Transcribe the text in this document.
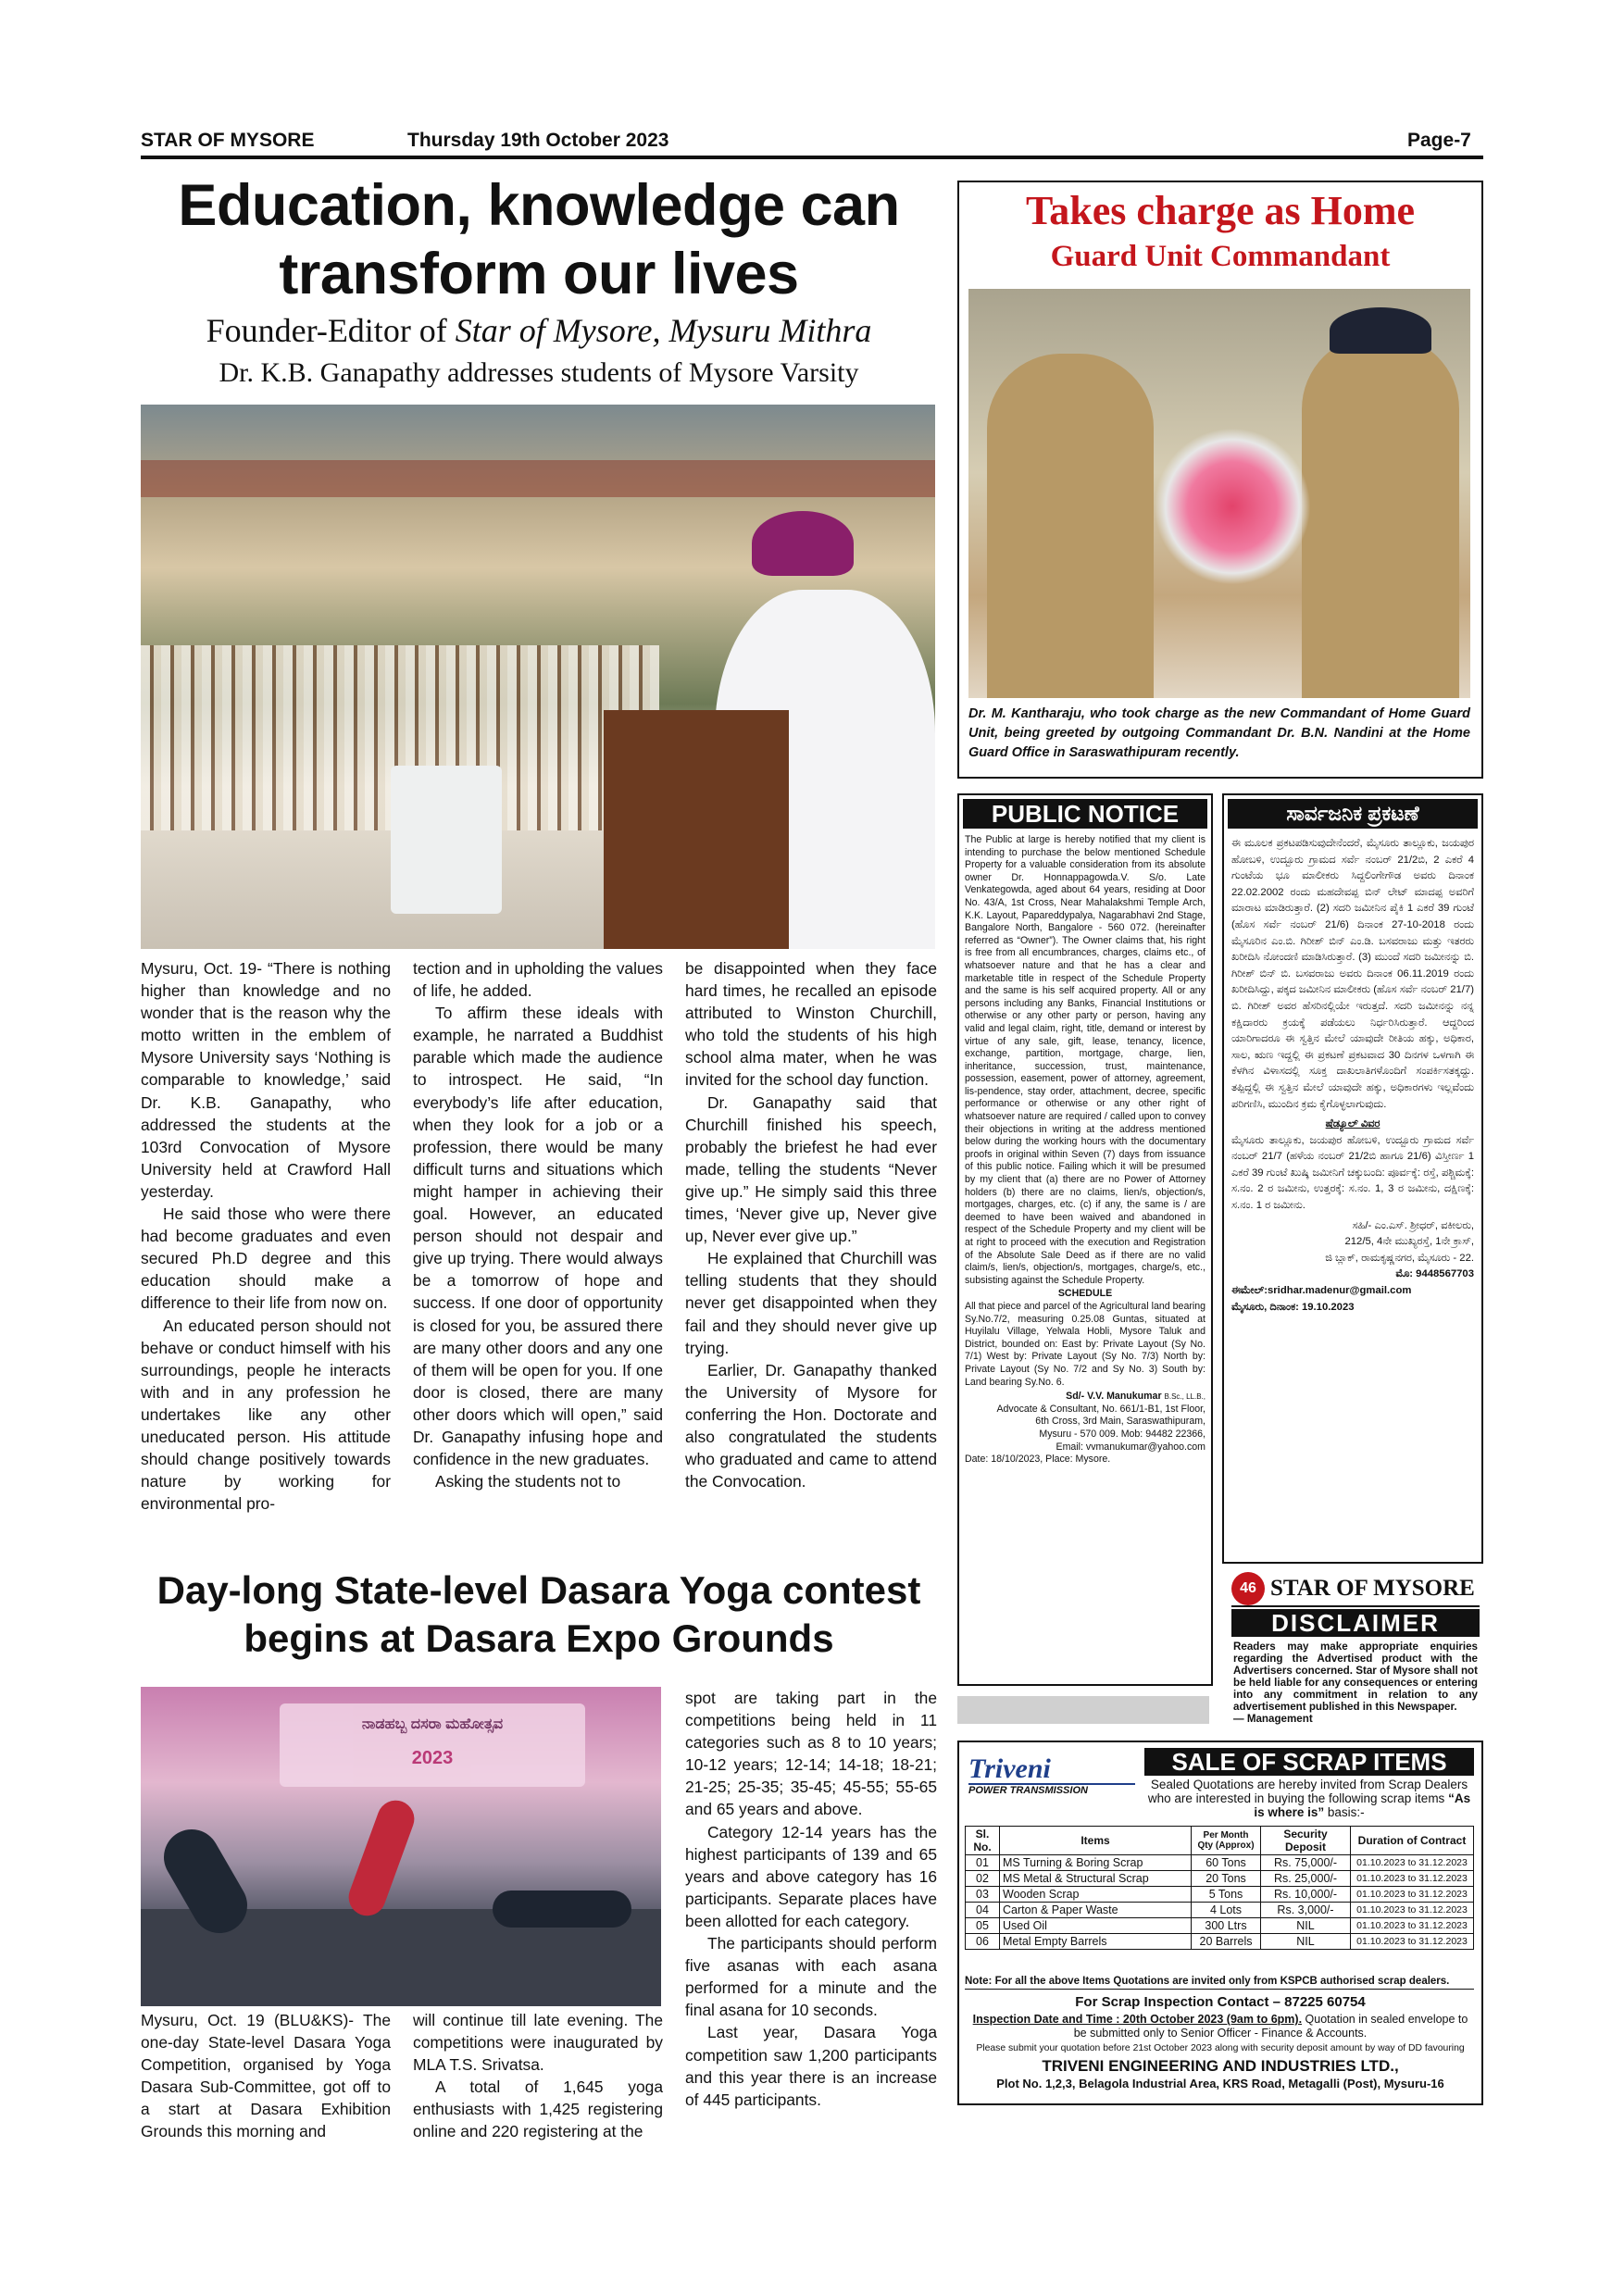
STAR OF MYSORE	Thursday 19th October 2023	Page-7
Education, knowledge can
transform our lives
Founder-Editor of Star of Mysore, Mysuru Mithra
Dr. K.B. Ganapathy addresses students of Mysore Varsity

Mysuru, Oct. 19- “There is nothing higher than knowledge and no wonder that is the reason why the motto written in the emblem of Mysore University says ‘Nothing is comparable to knowledge,’ said Dr. K.B. Ganapathy, who addressed the students at the 103rd Convocation of Mysore University held at Crawford Hall yesterday.

He said those who were there had become graduates and even secured Ph.D degree and this education should make a difference to their life from now on.

An educated person should not behave or conduct himself with his surroundings, people he interacts with and in any profession he undertakes like any other uneducated person. His attitude should change positively towards nature by working for environmental pro-

tection and in upholding the values of life, he added.

To affirm these ideals with example, he narrated a Buddhist parable which made the audience to introspect. He said, “In everybody’s life after education, when they look for a job or a profession, there would be many difficult turns and situations which might hamper in achieving their goal. However, an educated person should not despair and give up trying. There would always be a tomorrow of hope and success. If one door of opportunity is closed for you, be assured there are many other doors and any one of them will be open for you. If one door is closed, there are many other doors which will open,” said Dr. Ganapathy infusing hope and confidence in the new graduates.

Asking the students not to

be disappointed when they face hard times, he recalled an episode attributed to Winston Churchill, who told the students of his high school alma mater, when he was invited for the school day function.

Dr. Ganapathy said that Churchill finished his speech, probably the briefest he had ever made, telling the students “Never give up.” He simply said this three times, ‘Never give up, Never give up, Never ever give up.”

He explained that Churchill was telling students that they should never get disappointed when they fail and they should never give up trying.

Earlier, Dr. Ganapathy thanked the University of Mysore for conferring the Hon. Doctorate and also congratulated the students who graduated and came to attend the Convocation.

Day-long State-level Dasara Yoga contest
begins at Dasara Expo Grounds
ನಾಡಹಬ್ಬ ದಸರಾ ಮಹೋತ್ಸವ
2023

Mysuru, Oct. 19 (BLU&KS)- The one-day State-level Dasara Yoga Competition, organised by Yoga Dasara Sub-Committee, got off to a start at Dasara Exhibition Grounds this morning and

will continue till late evening. The competitions were inaugurated by MLA T.S. Srivatsa.

A total of 1,645 yoga enthusiasts with 1,425 registering online and 220 registering at the

spot are taking part in the competitions being held in 11 categories such as 8 to 10 years; 10-12 years; 12-14; 14-18; 18-21; 21-25; 25-35; 35-45; 45-55; 55-65 and 65 years and above.

Category 12-14 years has the highest participants of 139 and 65 years and above category has 16 participants. Separate places have been allotted for each category.

The participants should perform five asanas with each asana performed for a minute and the final asana for 10 seconds.

Last year, Dasara Yoga competition saw 1,200 participants and this year there is an increase of 445 participants.

Takes charge as Home
Guard Unit Commandant
Dr. M. Kantharaju, who took charge as the new Commandant of Home Guard Unit, being greeted by outgoing Commandant Dr. B.N. Nandini at the Home Guard Office in Saraswathipuram recently.
PUBLIC NOTICE
The Public at large is hereby notified that my client is intending to purchase the below mentioned Schedule Property for a valuable consideration from its absolute owner Dr. Honnappagowda.V. S/o. Late Venkategowda, aged about 64 years, residing at Door No. 43/A, 1st Cross, Near Mahalakshmi Temple Arch, K.K. Layout, Papareddypalya, Nagarabhavi 2nd Stage, Bangalore North, Bangalore - 560 072. (hereinafter referred as “Owner”). The Owner claims that, his right is free from all encumbrances, charges, claims etc., of whatsoever nature and that he has a clear and marketable title in respect of the Schedule Property and the same is his self acquired property. All or any persons including any Banks, Financial Institutions or otherwise or any other party or person, having any valid and legal claim, right, title, demand or interest by virtue of any sale, gift, lease, tenancy, licence, exchange, partition, mortgage, charge, lien, inheritance, succession, trust, maintenance, possession, easement, power of attorney, agreement, lis-pendence, stay order, attachment, decree, specific performance or otherwise or any other right of whatsoever nature are required / called upon to convey their objections in writing at the address mentioned below during the working hours with the documentary proofs in original within Seven (7) days from issuance of this public notice. Failing which it will be presumed by my client that (a) there are no Power of Attorney holders (b) there are no claims, lien/s, objection/s, mortgages, charges, etc. (c) if any, the same is / are deemed to have been waived and abandoned in respect of the Schedule Property and my client will be at right to proceed with the execution and Registration of the Absolute Sale Deed as if there are no valid claim/s, lien/s, objection/s, mortgages, charge/s, etc., subsisting against the Schedule Property.
SCHEDULE
All that piece and parcel of the Agricultural land bearing Sy.No.7/2, measuring 0.25.08 Guntas, situated at Huyilalu Village, Yelwala Hobli, Mysore Taluk and District, bounded on: East by: Private Layout (Sy No. 7/1) West by: Private Layout (Sy No. 7/3) North by: Private Layout (Sy No. 7/2 and Sy No. 3) South by: Land bearing Sy.No. 6.
Sd/- V.V. Manukumar B.Sc., LL.B.,
Advocate & Consultant, No. 661/1-B1, 1st Floor,
6th Cross, 3rd Main, Saraswathipuram,
Mysuru - 570 009. Mob: 94482 22366,
Email: vvmanukumar@yahoo.com
Date: 18/10/2023, Place: Mysore.
ಸಾರ್ವಜನಿಕ ಪ್ರಕಟಣೆ
ಈ ಮೂಲಕ ಪ್ರಕಟಪಡಿಸುವುದೇನೆಂದರೆ, ಮೈಸೂರು ತಾಲ್ಲೂಕು, ಜಯಪುರ ಹೋಬಳಿ, ಉದ್ಬೂರು ಗ್ರಾಮದ ಸರ್ವೆ ನಂಬರ್ 21/2ಬಿ, 2 ಎಕರೆ 4 ಗುಂಟೆಯ ಭೂ ಮಾಲೀಕರು ಸಿದ್ದಲಿಂಗೇಗೌಡ ಅವರು ದಿನಾಂಕ 22.02.2002 ರಂದು ಮಹದೇವಪ್ಪ ಬಿನ್ ಲೇಟ್ ಮಾದಪ್ಪ ಅವರಿಗೆ ಮಾರಾಟ ಮಾಡಿರುತ್ತಾರೆ. (2) ಸದರಿ ಜಮೀನಿನ ಪೈಕಿ 1 ಎಕರೆ 39 ಗುಂಟೆ (ಹೊಸ ಸರ್ವೆ ನಂಬರ್ 21/6) ದಿನಾಂಕ 27-10-2018 ರಂದು ಮೈಸೂರಿನ ಎಂ.ಬಿ. ಗಿರೀಶ್ ಬಿನ್ ಎಂ.ಡಿ. ಬಸವರಾಜು ಮತ್ತು ಇತರರು ಖರೀದಿಸಿ ನೋಂದಣಿ ಮಾಡಿಸಿರುತ್ತಾರೆ. (3) ಮುಂದೆ ಸದರಿ ಜಮೀನನ್ನು ಬಿ. ಗಿರೀಶ್ ಬಿನ್ ಬಿ. ಬಸವರಾಜು ಅವರು ದಿನಾಂಕ 06.11.2019 ರಂದು ಖರೀದಿಸಿದ್ದು, ಪಕ್ಕದ ಜಮೀನಿನ ಮಾಲೀಕರು (ಹೊಸ ಸರ್ವೆ ನಂಬರ್ 21/7) ಬಿ. ಗಿರೀಶ್ ಅವರ ಹೆಸರಿನಲ್ಲಿಯೇ ಇರುತ್ತದೆ. ಸದರಿ ಜಮೀನನ್ನು ನನ್ನ ಕಕ್ಷಿದಾರರು ಕ್ರಯಕ್ಕೆ ಪಡೆಯಲು ನಿರ್ಧರಿಸಿರುತ್ತಾರೆ. ಆದ್ದರಿಂದ ಯಾರಿಗಾದರೂ ಈ ಸ್ವತ್ತಿನ ಮೇಲೆ ಯಾವುದೇ ರೀತಿಯ ಹಕ್ಕು, ಅಧಿಕಾರ, ಸಾಲ, ಋಣ ಇದ್ದಲ್ಲಿ ಈ ಪ್ರಕಟಣೆ ಪ್ರಕಟವಾದ 30 ದಿನಗಳ ಒಳಗಾಗಿ ಈ ಕೆಳಗಿನ ವಿಳಾಸದಲ್ಲಿ ಸೂಕ್ತ ದಾಖಲಾತಿಗಳೊಂದಿಗೆ ಸಂಪರ್ಕಿಸತಕ್ಕದ್ದು. ತಪ್ಪಿದ್ದಲ್ಲಿ ಈ ಸ್ವತ್ತಿನ ಮೇಲೆ ಯಾವುದೇ ಹಕ್ಕು, ಅಧಿಕಾರಗಳು ಇಲ್ಲವೆಂದು ಪರಿಗಣಿಸಿ, ಮುಂದಿನ ಕ್ರಮ ಕೈಗೊಳ್ಳಲಾಗುವುದು.
ಷೆಡ್ಯೂಲ್ ವಿವರ
ಮೈಸೂರು ತಾಲ್ಲೂಕು, ಜಯಪುರ ಹೋಬಳಿ, ಉದ್ಬೂರು ಗ್ರಾಮದ ಸರ್ವೆ ನಂಬರ್ 21/7 (ಹಳೆಯ ನಂಬರ್ 21/2ಬಿ ಹಾಗೂ 21/6) ವಿಸ್ತೀರ್ಣ 1 ಎಕರೆ 39 ಗುಂಟೆ ಖುಷ್ಕಿ ಜಮೀನಿಗೆ ಚಕ್ಕುಬಂದಿ: ಪೂರ್ವಕ್ಕೆ: ರಸ್ತೆ, ಪಶ್ಚಿಮಕ್ಕೆ: ಸ.ನಂ. 2 ರ ಜಮೀನು, ಉತ್ತರಕ್ಕೆ: ಸ.ನಂ. 1, 3 ರ ಜಮೀನು, ದಕ್ಷಿಣಕ್ಕೆ: ಸ.ನಂ. 1 ರ ಜಮೀನು.
ಸಹಿ/- ಎಂ.ಎಸ್. ಶ್ರೀಧರ್, ವಕೀಲರು,
212/5, 4ನೇ ಮುಖ್ಯರಸ್ತೆ, 1ನೇ ಕ್ರಾಸ್,
ಜಿ ಬ್ಲಾಕ್, ರಾಮಕೃಷ್ಣನಗರ, ಮೈಸೂರು - 22.
ಮೊ: 9448567703
ಈಮೇಲ್:sridhar.madenur@gmail.com
ಮೈಸೂರು, ದಿನಾಂಕ: 19.10.2023
46 STAR OF MYSORE
DISCLAIMER
Readers may make appropriate enquiries regarding the Advertised product with the Advertisers concerned. Star of Mysore shall not be held liable for any consequences or entering into any commitment in relation to any advertisement published in this Newspaper.
— Management
Triveni
POWER TRANSMISSION
SALE OF SCRAP ITEMS
Sealed Quotations are hereby invited from Scrap Dealers who are interested in buying the following scrap items “As is where is” basis:-
Sl. No.	Items	Per Month Qty (Approx)	Security Deposit	Duration of Contract
01	MS Turning & Boring Scrap	60 Tons	Rs. 75,000/-	01.10.2023 to 31.12.2023
02	MS Metal & Structural Scrap	20 Tons	Rs. 25,000/-	01.10.2023 to 31.12.2023
03	Wooden Scrap	5 Tons	Rs. 10,000/-	01.10.2023 to 31.12.2023
04	Carton & Paper Waste	4 Lots	Rs. 3,000/-	01.10.2023 to 31.12.2023
05	Used Oil	300 Ltrs	NIL	01.10.2023 to 31.12.2023
06	Metal Empty Barrels	20 Barrels	NIL	01.10.2023 to 31.12.2023
Note: For all the above Items Quotations are invited only from KSPCB authorised scrap dealers.
For Scrap Inspection Contact – 87225 60754
Inspection Date and Time : 20th October 2023 (9am to 6pm). Quotation in sealed envelope to be submitted only to Senior Officer - Finance & Accounts.
Please submit your quotation before 21st October 2023 along with security deposit amount by way of DD favouring
TRIVENI ENGINEERING AND INDUSTRIES LTD.,
Plot No. 1,2,3, Belagola Industrial Area, KRS Road, Metagalli (Post), Mysuru-16
